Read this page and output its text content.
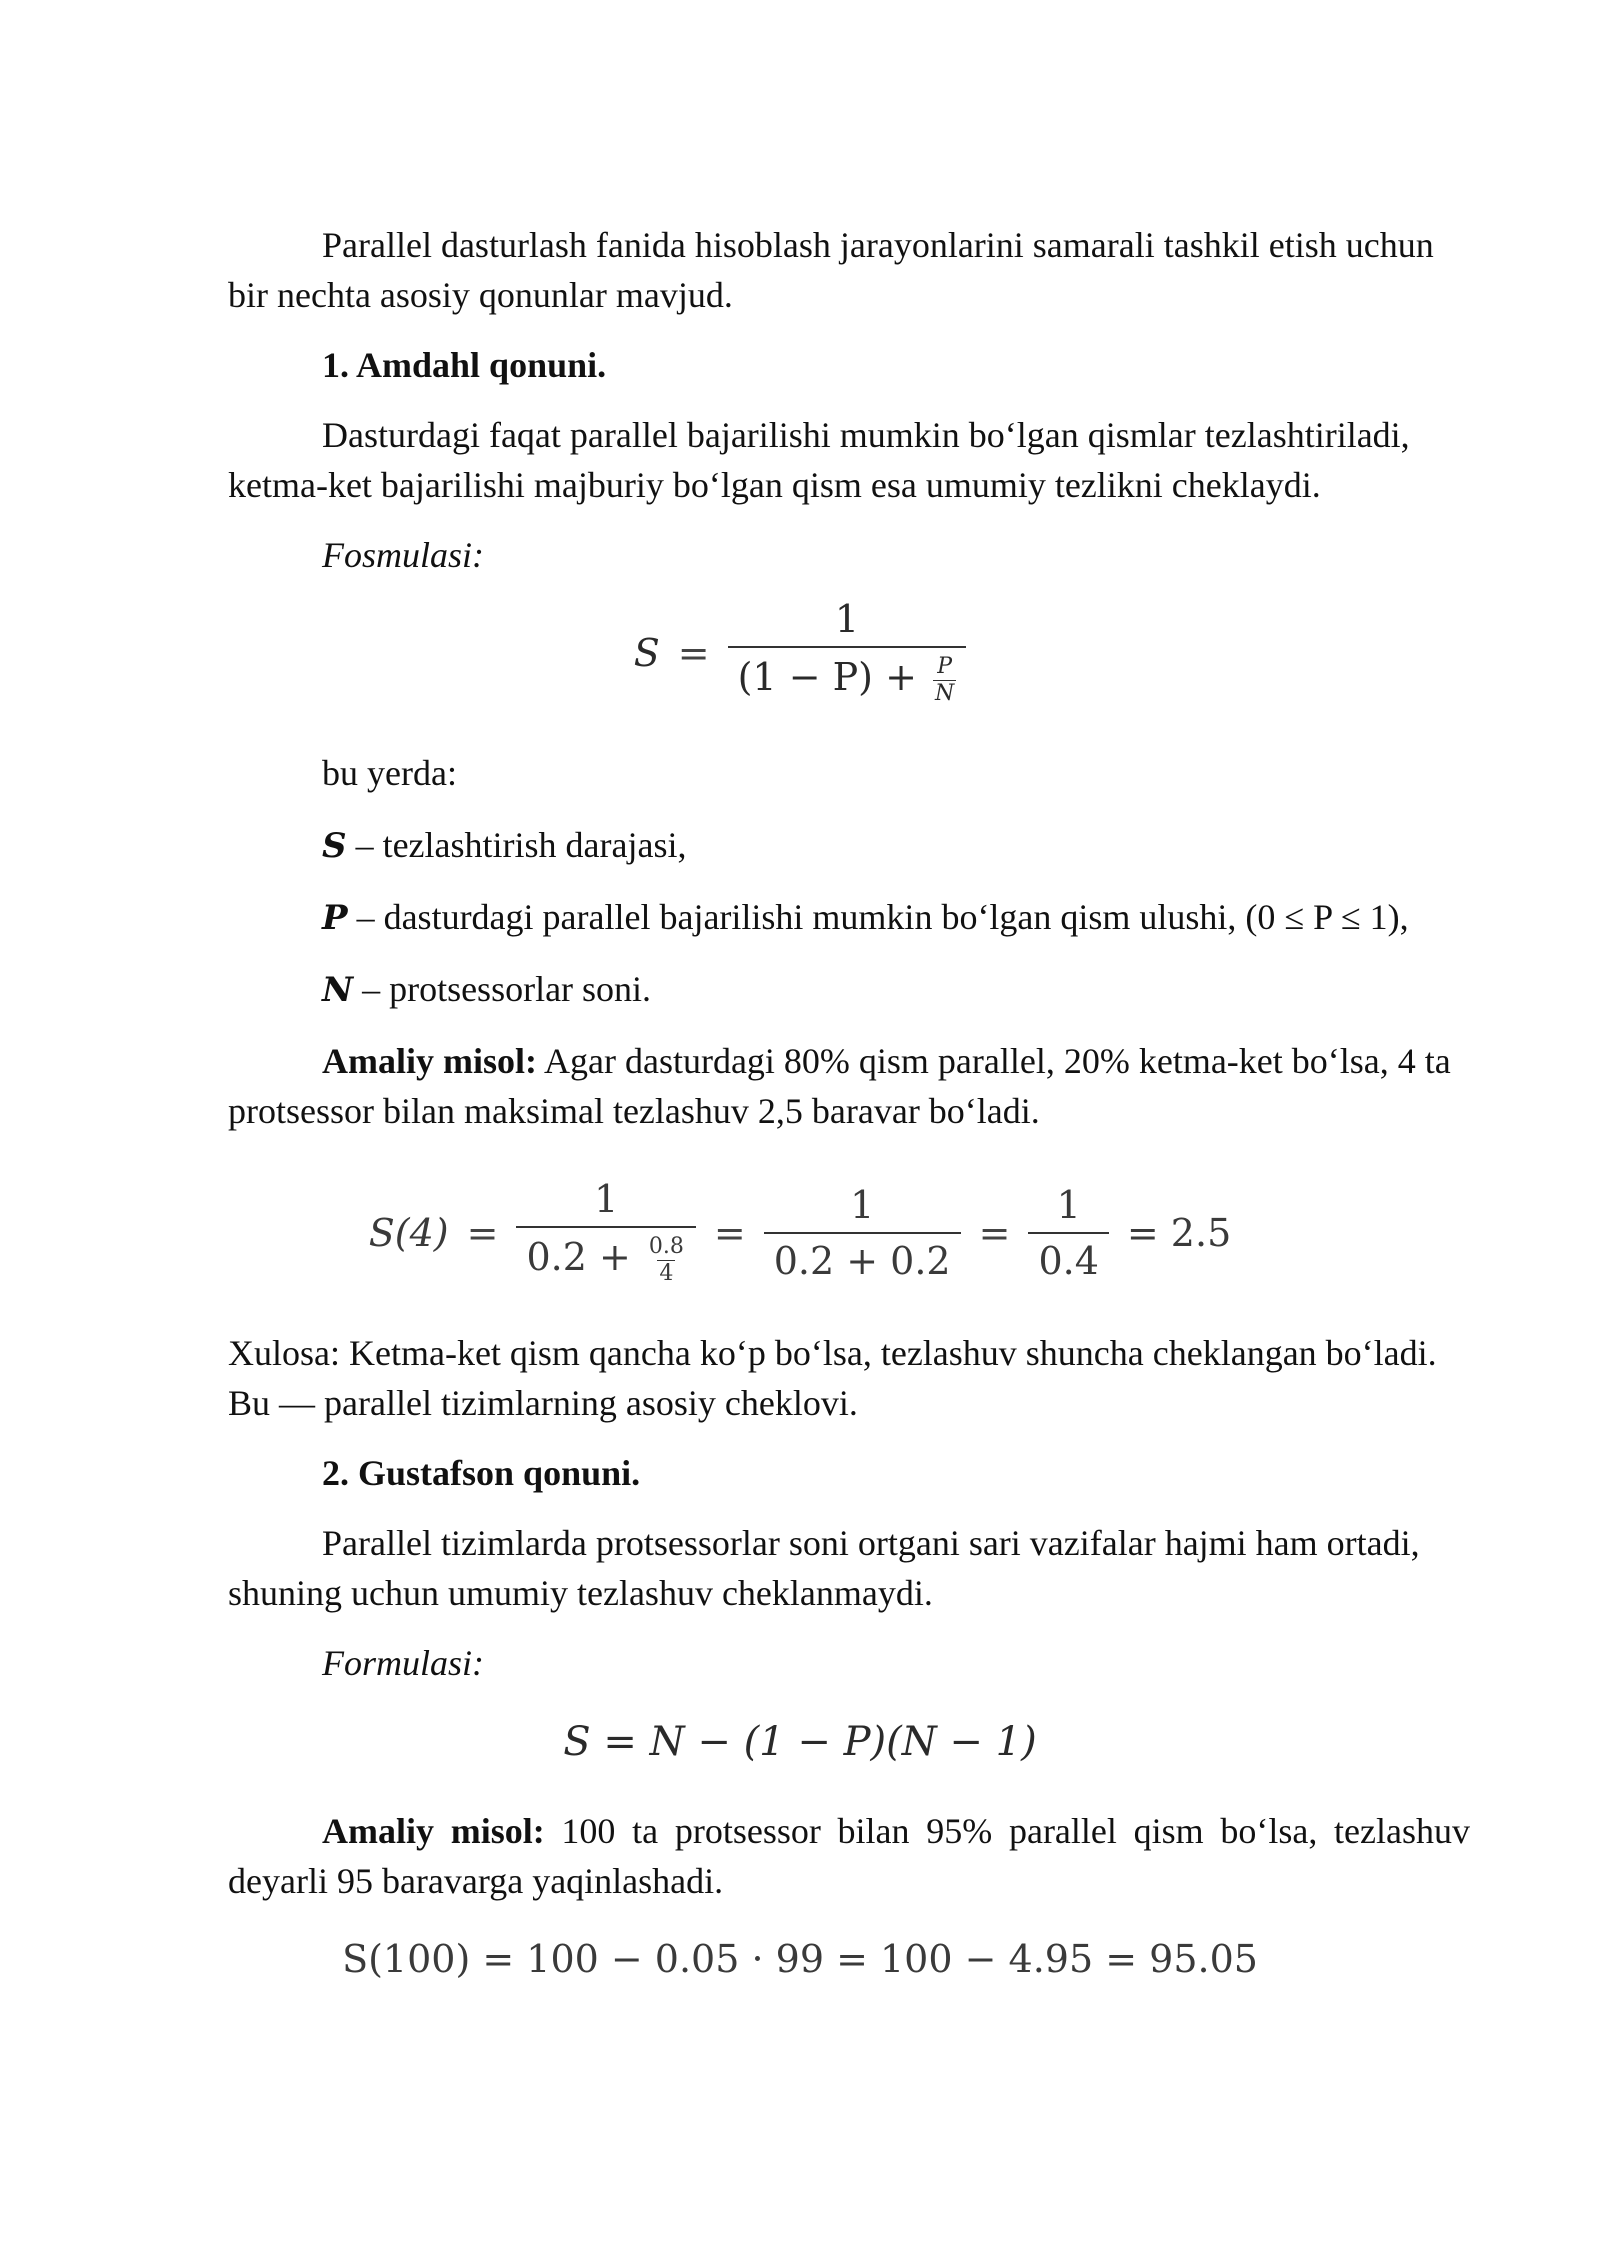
Parallel dasturlash fanida hisoblash jarayonlarini samarali tashkil etish uchun bir nechta asosiy qonunlar mavjud.

1. Amdahl qonuni.

Dasturdagi faqat parallel bajarilishi mumkin bo‘lgan qismlar tezlashtiriladi, ketma-ket bajarilishi majburiy bo‘lgan qism esa umumiy tezlikni cheklaydi.

Fosmulasi:

$S = \frac{1}{(1 - P) + \frac{P}{N}}$

bu yerda:

S – tezlashtirish darajasi,

P – dasturdagi parallel bajarilishi mumkin bo‘lgan qism ulushi, (0 ≤ P ≤ 1),

N – protsessorlar soni.

Amaliy misol: Agar dasturdagi 80% qism parallel, 20% ketma-ket bo‘lsa, 4 ta protsessor bilan maksimal tezlashuv 2,5 baravar bo‘ladi.

$S(4) = \frac{1}{0.2 + \frac{0.8}{4}} = \frac{1}{0.2 + 0.2} = \frac{1}{0.4} = 2.5$

Xulosa: Ketma-ket qism qancha ko‘p bo‘lsa, tezlashuv shuncha cheklangan bo‘ladi. Bu — parallel tizimlarning asosiy cheklovi.

2. Gustafson qonuni.

Parallel tizimlarda protsessorlar soni ortgani sari vazifalar hajmi ham ortadi, shuning uchun umumiy tezlashuv cheklanmaydi.

Formulasi:

S = N − (1 − P)(N − 1)

Amaliy misol: 100 ta protsessor bilan 95% parallel qism bo‘lsa, tezlashuv deyarli 95 baravarga yaqinlashadi.

S(100) = 100 − 0.05 · 99 = 100 − 4.95 = 95.05
